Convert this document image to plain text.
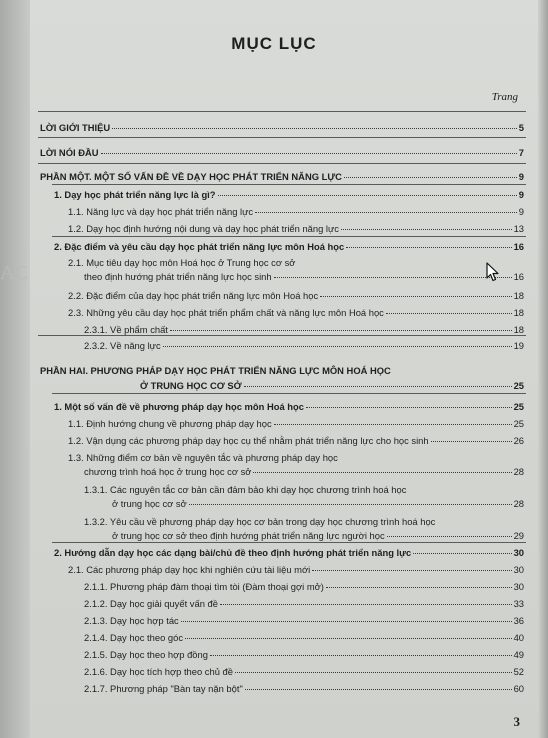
AC
MỤC LỤC
Trang
LỜI GIỚI THIỆU	5
LỜI NÓI ĐẦU	7
PHẦN MỘT. MỘT SỐ VẤN ĐỀ VỀ DẠY HỌC PHÁT TRIỂN NĂNG LỰC	9
1. Dạy học phát triển năng lực là gì?	9
1.1. Năng lực và dạy học phát triển năng lực	9
1.2. Dạy học định hướng nội dung và dạy học phát triển năng lực	13
2. Đặc điểm và yêu cầu dạy học phát triển năng lực môn Hoá học	16
2.1. Mục tiêu dạy học môn Hoá học ở Trung học cơ sở
theo định hướng phát triển năng lực học sinh	16
2.2. Đặc điểm của dạy học phát triển năng lực môn Hoá học	18
2.3. Những yêu cầu dạy học phát triển phẩm chất và năng lực môn Hoá học	18
2.3.1. Về phẩm chất	18
2.3.2. Về năng lực	19
PHẦN HAI. PHƯƠNG PHÁP DẠY HỌC PHÁT TRIỂN NĂNG LỰC MÔN HOÁ HỌC
Ở TRUNG HỌC CƠ SỞ	25
1. Một số vấn đề về phương pháp dạy học môn Hoá học	25
1.1. Định hướng chung về phương pháp dạy học	25
1.2. Vận dụng các phương pháp dạy học cụ thể nhằm phát triển năng lực cho học sinh	26
1.3. Những điểm cơ bản về nguyên tắc và phương pháp dạy học
chương trình hoá học ở trung học cơ sở	28
1.3.1. Các nguyên tắc cơ bản cần đảm bảo khi dạy học chương trình hoá học
ở trung học cơ sở	28
1.3.2. Yêu cầu về phương pháp dạy học cơ bản trong dạy học chương trình hoá học
ở trung học cơ sở theo định hướng phát triển năng lực người học	29
2. Hướng dẫn dạy học các dạng bài/chủ đề theo định hướng phát triển năng lực	30
2.1. Các phương pháp dạy học khi nghiên cứu tài liệu mới	30
2.1.1. Phương pháp đàm thoại tìm tòi (Đàm thoại gợi mở)	30
2.1.2. Dạy học giải quyết vấn đề	33
2.1.3. Dạy học hợp tác	36
2.1.4. Dạy học theo góc	40
2.1.5. Dạy học theo hợp đồng	49
2.1.6. Dạy học tích hợp theo chủ đề	52
2.1.7. Phương pháp "Bàn tay nặn bột"	60
3
